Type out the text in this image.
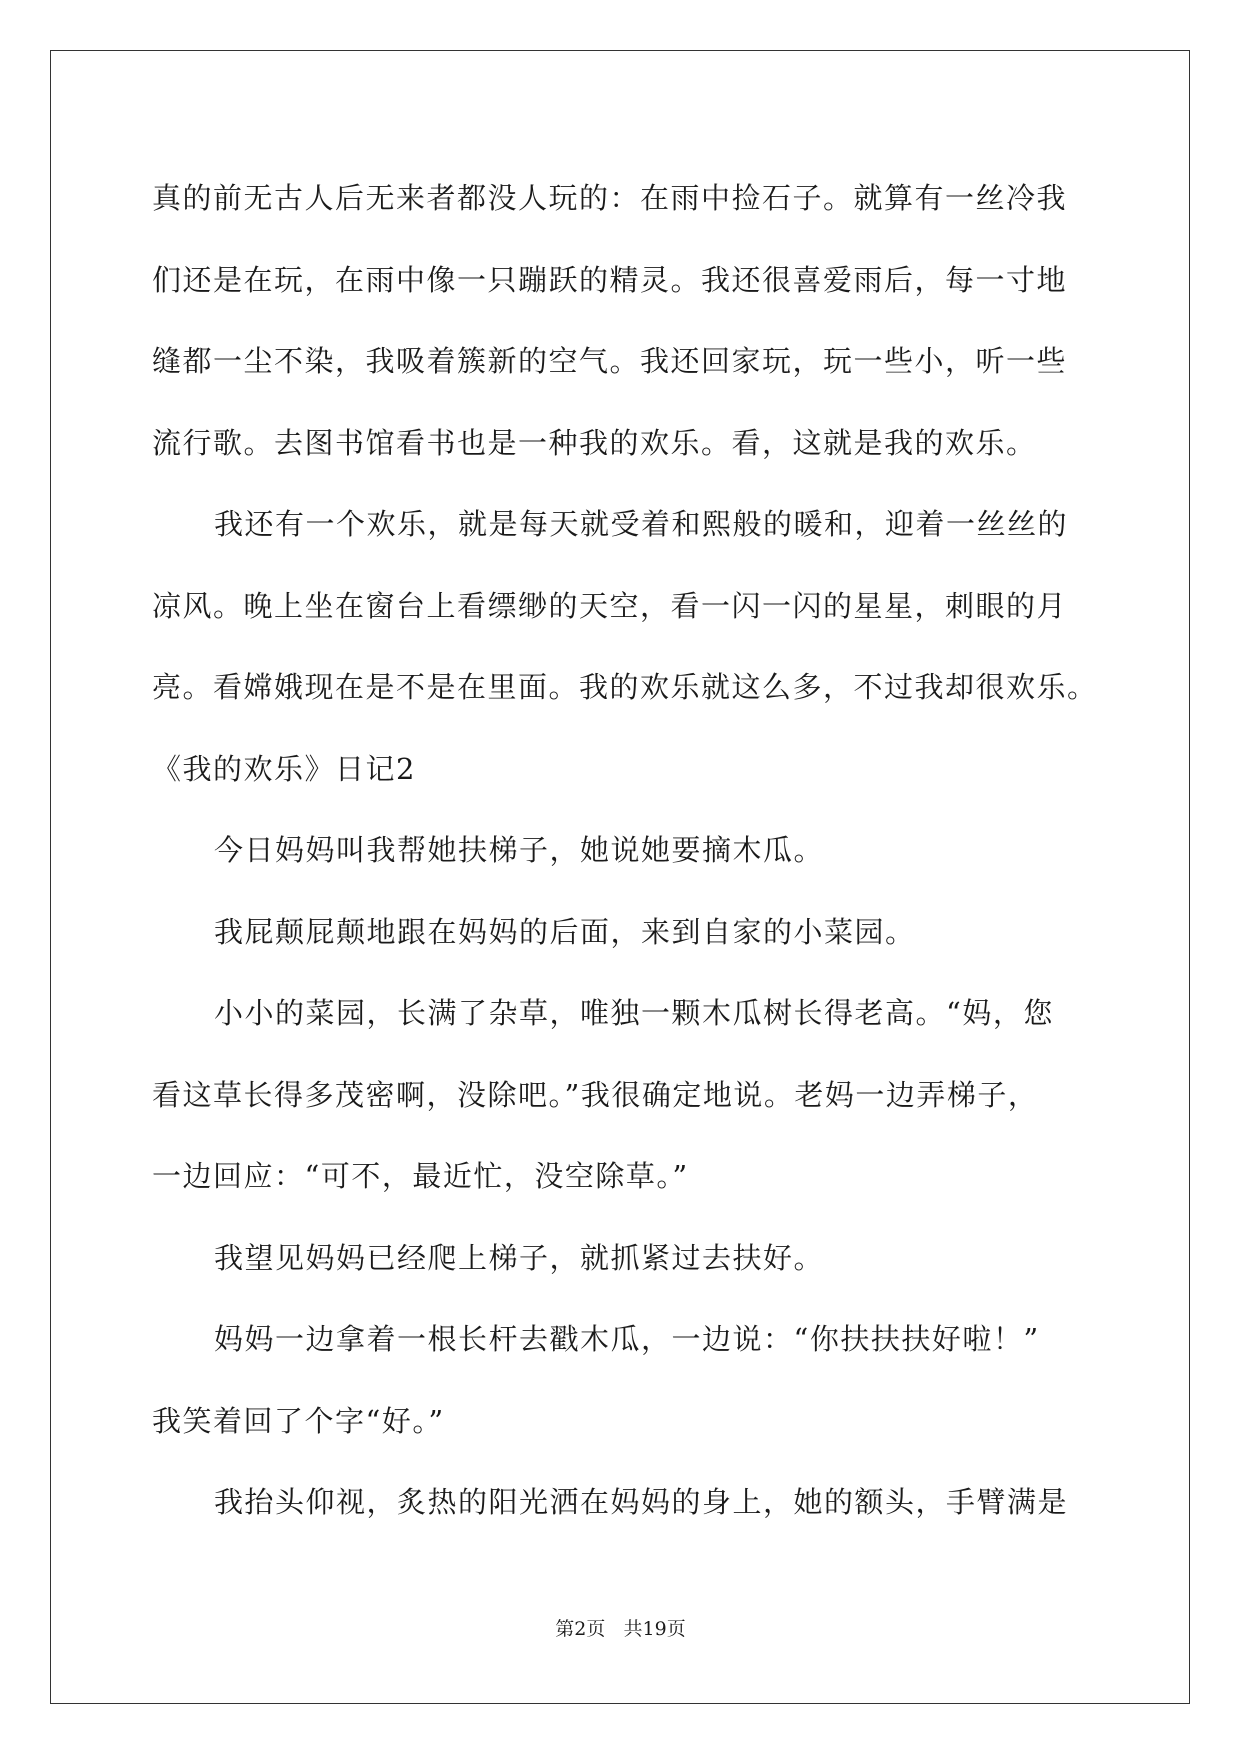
真的前无古人后无来者都没人玩的：在雨中捡石子。就算有一丝冷我
们还是在玩，在雨中像一只蹦跃的精灵。我还很喜爱雨后，每一寸地
缝都一尘不染，我吸着簇新的空气。我还回家玩，玩一些小，听一些
流行歌。去图书馆看书也是一种我的欢乐。看，这就是我的欢乐。
我还有一个欢乐，就是每天就受着和熙般的暖和，迎着一丝丝的
凉风。晚上坐在窗台上看缥缈的天空，看一闪一闪的星星，刺眼的月
亮。看嫦娥现在是不是在里面。我的欢乐就这么多，不过我却很欢乐。
《我的欢乐》日记2
今日妈妈叫我帮她扶梯子，她说她要摘木瓜。
我屁颠屁颠地跟在妈妈的后面，来到自家的小菜园。
小小的菜园，长满了杂草，唯独一颗木瓜树长得老高。“妈，您
看这草长得多茂密啊，没除吧。”我很确定地说。老妈一边弄梯子，
一边回应：“可不，最近忙，没空除草。”
我望见妈妈已经爬上梯子，就抓紧过去扶好。
妈妈一边拿着一根长杆去戳木瓜，一边说：“你扶扶扶好啦！”
我笑着回了个字“好。”
我抬头仰视，炙热的阳光洒在妈妈的身上，她的额头，手臂满是
第2页 共19页
